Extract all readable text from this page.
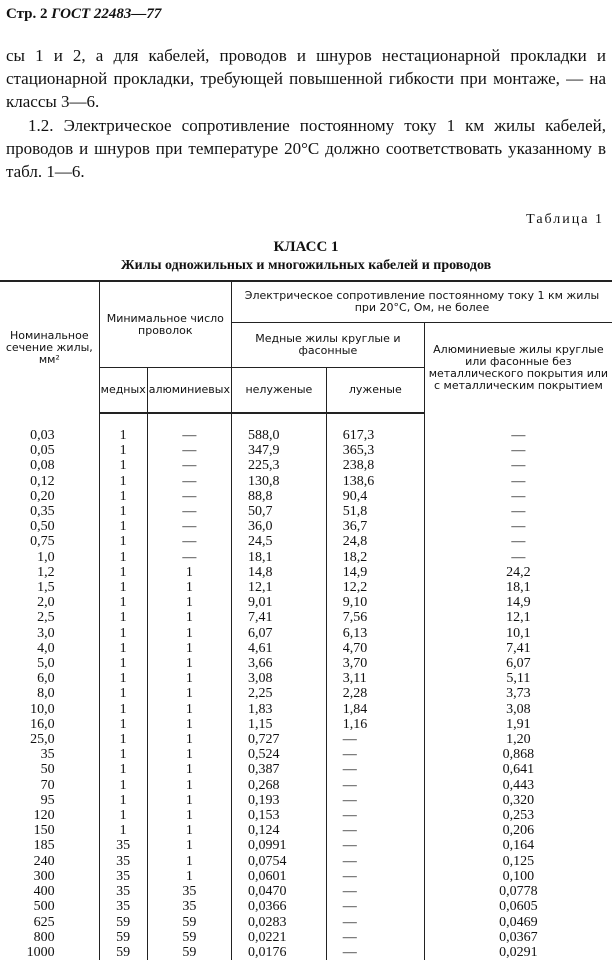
Стр. 2 ГОСТ 22483—77
сы 1 и 2, а для кабелей, проводов и шнуров нестационарной прокладки и стационарной прокладки, требующей повышенной гибкости при монтаже, — на классы 3—6.
1.2. Электрическое сопротивление постоянному току 1 км жилы кабелей, проводов и шнуров при температуре 20°C должно соответствовать указанному в табл. 1—6.
Таблица 1
КЛАСС 1
Жилы одножильных и многожильных кабелей и проводов					
Номинальное сечение жилы, мм²	Минимальное число проволок		Электрическое сопротивление постоянному току 1 км жилы при 20°С, Ом, не более		
			Медные жилы круглые и фасонные		Алюминиевые жилы круглые или фасонные без металлического покрытия или с металлическим покрытием
	медных	алюминиевых	нелуженые	луженые	

0,03	1	—	588,0	617,3	—
0,05	1	—	347,9	365,3	—
0,08	1	—	225,3	238,8	—
0,12	1	—	130,8	138,6	—
0,20	1	—	88,8	90,4	—
0,35	1	—	50,7	51,8	—
0,50	1	—	36,0	36,7	—
0,75	1	—	24,5	24,8	—
1,0	1	—	18,1	18,2	—
1,2	1	1	14,8	14,9	24,2
1,5	1	1	12,1	12,2	18,1
2,0	1	1	9,01	9,10	14,9
2,5	1	1	7,41	7,56	12,1
3,0	1	1	6,07	6,13	10,1
4,0	1	1	4,61	4,70	7,41
5,0	1	1	3,66	3,70	6,07
6,0	1	1	3,08	3,11	5,11
8,0	1	1	2,25	2,28	3,73
10,0	1	1	1,83	1,84	3,08
16,0	1	1	1,15	1,16	1,91
25,0	1	1	0,727	—	1,20
35	1	1	0,524	—	0,868
50	1	1	0,387	—	0,641
70	1	1	0,268	—	0,443
95	1	1	0,193	—	0,320
120	1	1	0,153	—	0,253
150	1	1	0,124	—	0,206
185	35	1	0,0991	—	0,164
240	35	1	0,0754	—	0,125
300	35	1	0,0601	—	0,100
400	35	35	0,0470	—	0,0778
500	35	35	0,0366	—	0,0605
625	59	59	0,0283	—	0,0469
800	59	59	0,0221	—	0,0367
1000	59	59	0,0176	—	0,0291
